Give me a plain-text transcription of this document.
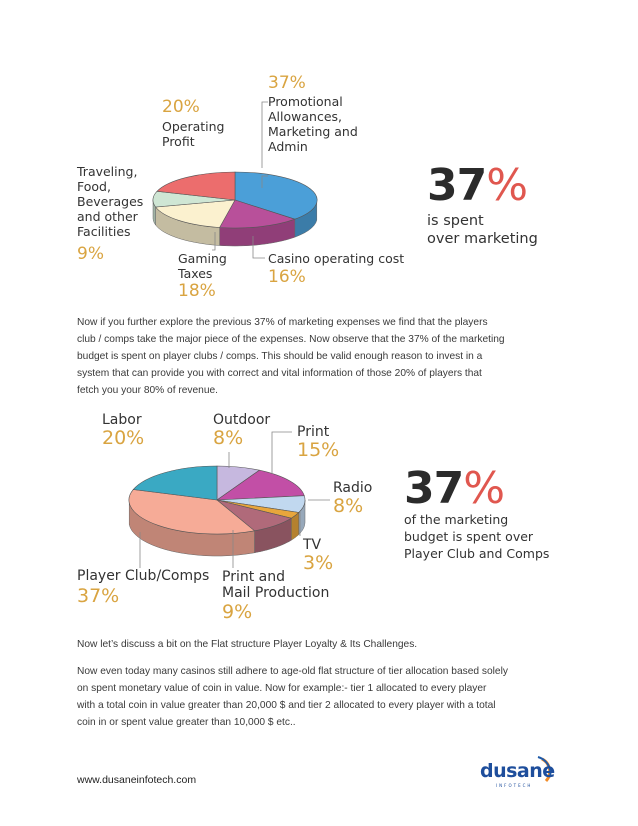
37%
Promotional
Allowances,
Marketing and
Admin
20%
Operating
Profit
Traveling,
Food,
Beverages
and other
Facilities
9%	Gaming
Taxes
18%
Casino operating cost
16%
37%
is spent
over marketing
Now if you further explore the previous 37% of marketing expenses we find that the players
club / comps take the major piece of the expenses. Now observe that the 37% of the marketing
budget is spent on player clubs / comps. This should be valid enough reason to invest in a
system that can provide you with correct and vital information of those 20% of players that
fetch you your 80% of revenue.
Labor
20%
Outdoor
8%	Print
15%
Radio
8%
TV
3%
Print and
Mail Production
9%
Player Club/Comps
37%
37%
of the marketing
budget is spent over
Player Club and Comps
Now let’s discuss a bit on the Flat structure Player Loyalty & Its Challenges.
Now even today many casinos still adhere to age-old flat structure of tier allocation based solely
on spent monetary value of coin in value. Now for example:- tier 1 allocated to every player
with a total coin in value greater than 20,000 $ and tier 2 allocated to every player with a total
coin in or spent value greater than 10,000 $ etc..
www.dusaneinfotech.com	dusane
INFOTECH
